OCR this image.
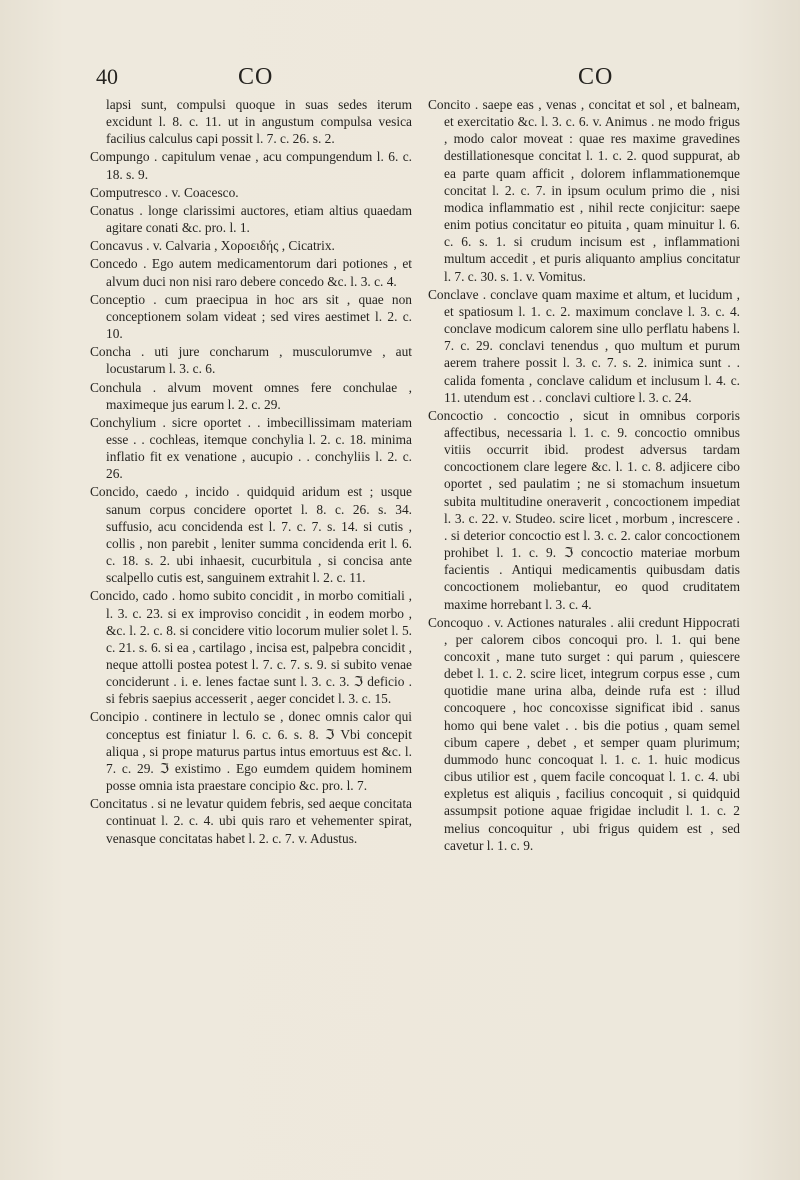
40	CO	CO

lapsi sunt, compulsi quoque in suas sedes iterum excidunt l. 8. c. 11. ut in angustum compulsa vesica facilius calculus capi possit l. 7. c. 26. s. 2.

Compungo . capitulum venae , acu compungendum l. 6. c. 18. s. 9.

Computresco . v. Coacesco.

Conatus . longe clarissimi auctores, etiam altius quaedam agitare conati &c. pro. l. 1.

Concavus . v. Calvaria , Χοροειδής , Cicatrix.

Concedo . Ego autem medicamentorum dari potiones , et alvum duci non nisi raro debere concedo &c. l. 3. c. 4.

Conceptio . cum praecipua in hoc ars sit , quae non conceptionem solam videat ; sed vires aestimet l. 2. c. 10.

Concha . uti jure concharum , musculorumve , aut locustarum l. 3. c. 6.

Conchula . alvum movent omnes fere conchulae , maximeque jus earum l. 2. c. 29.

Conchylium . sicre oportet . . imbecillissimam materiam esse . . cochleas, itemque conchylia l. 2. c. 18. minima inflatio fit ex venatione , aucupio . . conchyliis l. 2. c. 26.

Concido, caedo , incido . quidquid aridum est ; usque sanum corpus concidere oportet l. 8. c. 26. s. 34. suffusio, acu concidenda est l. 7. c. 7. s. 14. si cutis , collis , non parebit , leniter summa concidenda erit l. 6. c. 18. s. 2. ubi inhaesit, cucurbitula , si concisa ante scalpello cutis est, sanguinem extrahit l. 2. c. 11.

Concido, cado . homo subito concidit , in morbo comitiali , l. 3. c. 23. si ex improviso concidit , in eodem morbo , &c. l. 2. c. 8. si concidere vitio locorum mulier solet l. 5. c. 21. s. 6. si ea , cartilago , incisa est, palpebra concidit , neque attolli postea potest l. 7. c. 7. s. 9. si subito venae conciderunt . i. e. lenes factae sunt l. 3. c. 3. ℑ deficio . si febris saepius accesserit , aeger concidet l. 3. c. 15.

Concipio . continere in lectulo se , donec omnis calor qui conceptus est finiatur l. 6. c. 6. s. 8. ℑ Vbi concepit aliqua , si prope maturus partus intus emortuus est &c. l. 7. c. 29. ℑ existimo . Ego eumdem quidem hominem posse omnia ista praestare concipio &c. pro. l. 7.

Concitatus . si ne levatur quidem febris, sed aeque concitata continuat l. 2. c. 4. ubi quis raro et vehementer spirat, venasque concitatas habet l. 2. c. 7. v. Adustus.

Concito . saepe eas , venas , concitat et sol , et balneam, et exercitatio &c. l. 3. c. 6. v. Animus . ne modo frigus , modo calor moveat : quae res maxime gravedines destillationesque concitat l. 1. c. 2. quod suppurat, ab ea parte quam afficit , dolorem inflammationemque concitat l. 2. c. 7. in ipsum oculum primo die , nisi modica inflammatio est , nihil recte conjicitur: saepe enim potius concitatur eo pituita , quam minuitur l. 6. c. 6. s. 1. si crudum incisum est , inflammationi multum accedit , et puris aliquanto amplius concitatur l. 7. c. 30. s. 1. v. Vomitus.

Conclave . conclave quam maxime et altum, et lucidum , et spatiosum l. 1. c. 2. maximum conclave l. 3. c. 4. conclave modicum calorem sine ullo perflatu habens l. 7. c. 29. conclavi tenendus , quo multum et purum aerem trahere possit l. 3. c. 7. s. 2. inimica sunt . . calida fomenta , conclave calidum et inclusum l. 4. c. 11. utendum est . . conclavi cultiore l. 3. c. 24.

Concoctio . concoctio , sicut in omnibus corporis affectibus, necessaria l. 1. c. 9. concoctio omnibus vitiis occurrit ibid. prodest adversus tardam concoctionem clare legere &c. l. 1. c. 8. adjicere cibo oportet , sed paulatim ; ne si stomachum insuetum subita multitudine oneraverit , concoctionem impediat l. 3. c. 22. v. Studeo. scire licet , morbum , increscere . . si deterior concoctio est l. 3. c. 2. calor concoctionem prohibet l. 1. c. 9. ℑ concoctio materiae morbum facientis . Antiqui medicamentis quibusdam datis concoctionem moliebantur, eo quod cruditatem maxime horrebant l. 3. c. 4.

Concoquo . v. Actiones naturales . alii credunt Hippocrati , per calorem cibos concoqui pro. l. 1. qui bene concoxit , mane tuto surget : qui parum , quiescere debet l. 1. c. 2. scire licet, integrum corpus esse , cum quotidie mane urina alba, deinde rufa est : illud concoquere , hoc concoxisse significat ibid . sanus homo qui bene valet . . bis die potius , quam semel cibum capere , debet , et semper quam plurimum; dummodo hunc concoquat l. 1. c. 1. huic modicus cibus utilior est , quem facile concoquat l. 1. c. 4. ubi expletus est aliquis , facilius concoquit , si quidquid assumpsit potione aquae frigidae includit l. 1. c. 2 melius concoquitur , ubi frigus quidem est , sed cavetur l. 1. c. 9.
